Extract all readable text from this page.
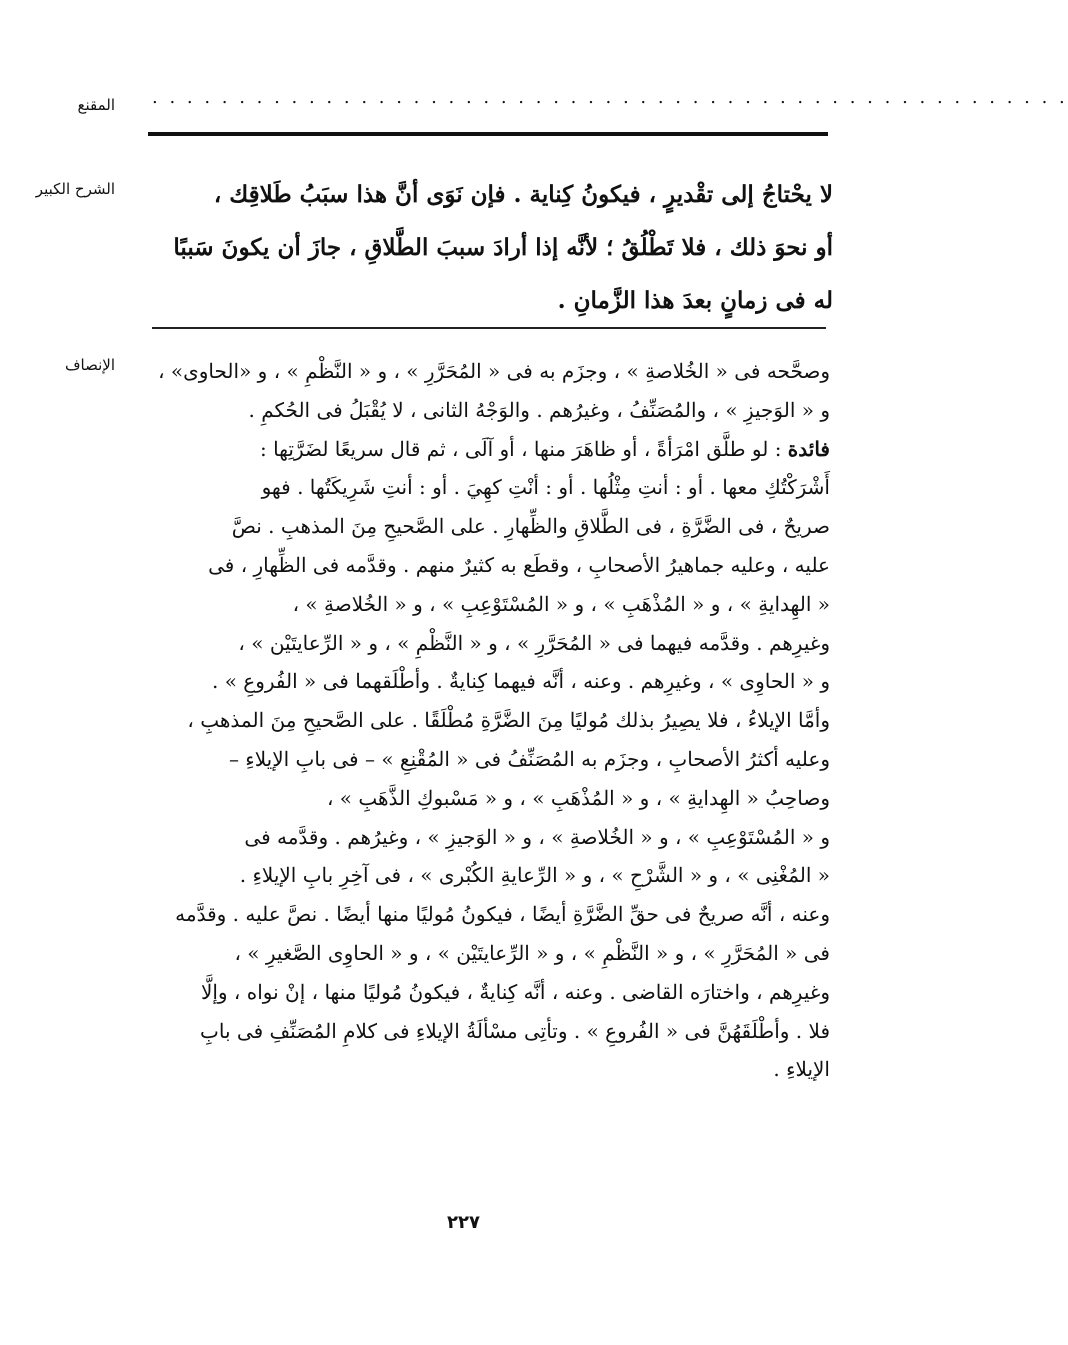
المقنع . . . . . . . . . . . . . . . . . . . . . . . . . . . . . . . . . . . . . . . . . . . . . . . . . . . . .
الشرح الكبير	لا يحْتاجُ إلى تقْديرٍ ، فيكونُ كِناية . فإن نَوَى أنَّ هذا سبَبُ طَلاقِك ،
أو نحوَ ذلك ، فلا تَطْلُقُ ؛ لأنَّه إذا أرادَ سببَ الطَّلاقِ ، جازَ أن يكونَ سَببًا
له فى زمانٍ بعدَ هذا الزَّمانِ .
الإنصاف	وصحَّحه فى « الخُلاصةِ » ، وجزَم به فى « المُحَرَّرِ » ، و « النَّظْمِ » ، و «الحاوى» ،
و « الوَجيزِ » ، والمُصَنِّفُ ، وغيرُهم . والوَجْهُ الثانى ، لا يُقْبَلُ فى الحُكمِ .
فائدة : لو طلَّق امْرَأةً ، أو ظاهَرَ منها ، أو آلَى ، ثم قال سريعًا لضَرَّتِها :
أَشْرَكْتُكِ معها . أو : أنتِ مِثْلُها . أو : أنْتِ كهِيَ . أو : أنتِ شَرِيكَتُها . فهو
صريحٌ ، فى الضَّرَّةِ ، فى الطَّلاقِ والظِّهارِ . على الصَّحيحِ مِنَ المذهبِ . نصَّ
عليه ، وعليه جماهيرُ الأصحابِ ، وقطَع به كثيرٌ منهم . وقدَّمه فى الظِّهارِ ، فى
« الهِدايةِ » ، و « المُذْهَبِ » ، و « المُسْتَوْعِبِ » ، و « الخُلاصةِ » ،
وغيرِهم . وقدَّمه فيهما فى « المُحَرَّرِ » ، و « النَّظْمِ » ، و « الرِّعايتَيْن » ،
و « الحاوِى » ، وغيرِهم . وعنه ، أنَّه فيهما كِنايةٌ . وأطْلَقهما فى « الفُروعِ » .
وأمَّا الإيلاءُ ، فلا يصِيرُ بذلك مُوليًا مِنَ الضَّرَّةِ مُطْلَقًا . على الصَّحيحِ مِنَ المذهبِ ،
وعليه أكثرُ الأصحابِ ، وجزَم به المُصَنِّفُ فى « المُقْنِعِ » – فى بابِ الإيلاءِ –
وصاحِبُ « الهِدايةِ » ، و « المُذْهَبِ » ، و « مَسْبوكِ الذَّهَبِ » ،
و « المُسْتَوْعِبِ » ، و « الخُلاصةِ » ، و « الوَجيزِ » ، وغيرُهم . وقدَّمه فى
« المُغْنِى » ، و « الشَّرْحِ » ، و « الرِّعايةِ الكُبْرى » ، فى آخِرِ بابِ الإيلاءِ .
وعنه ، أنَّه صريحٌ فى حقِّ الضَّرَّةِ أيضًا ، فيكونُ مُوليًا منها أيضًا . نصَّ عليه . وقدَّمه
فى « المُحَرَّرِ » ، و « النَّظْمِ » ، و « الرِّعايتَيْن » ، و « الحاوِى الصَّغيرِ » ،
وغيرِهم ، واختارَه القاضى . وعنه ، أنَّه كِنايةٌ ، فيكونُ مُوليًا منها ، إنْ نواه ، وإلَّا
فلا . وأطْلَقَهُنَّ فى « الفُروعِ » . وتأتِى مسْألَةُ الإيلاءِ فى كلامِ المُصَنِّفِ فى بابِ
الإيلاءِ .
٢٢٧
